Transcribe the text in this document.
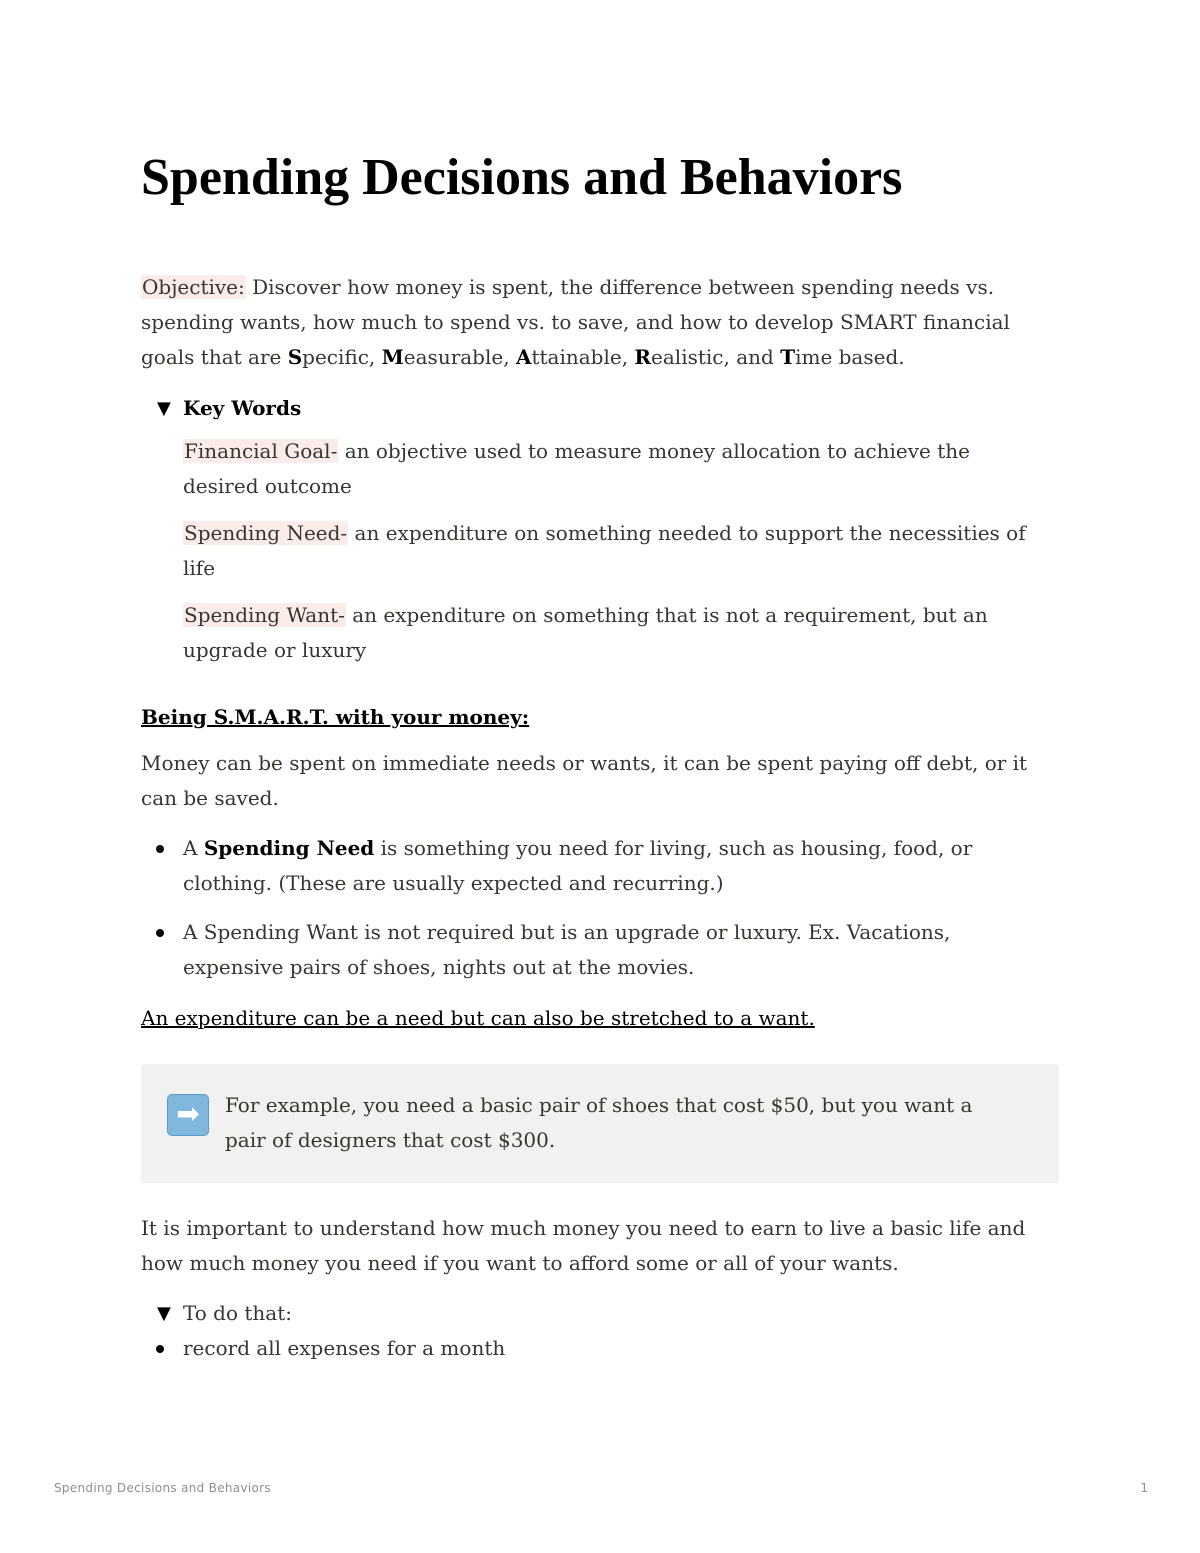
Spending Decisions and Behaviors

Objective: Discover how money is spent, the difference between spending needs vs. spending wants, how much to spend vs. to save, and how to develop SMART financial goals that are Specific, Measurable, Attainable, Realistic, and Time based.

▼ Key Words

Financial Goal- an objective used to measure money allocation to achieve the desired outcome

Spending Need- an expenditure on something needed to support the necessities of life

Spending Want- an expenditure on something that is not a requirement, but an upgrade or luxury

Being S.M.A.R.T. with your money:

Money can be spent on immediate needs or wants, it can be spent paying off debt, or it can be saved.

A Spending Need is something you need for living, such as housing, food, or clothing. (These are usually expected and recurring.)
A Spending Want is not required but is an upgrade or luxury. Ex. Vacations, expensive pairs of shoes, nights out at the movies.
An expenditure can be a need but can also be stretched to a want.
➡	For example, you need a basic pair of shoes that cost $50, but you want a pair of designers that cost $300.

It is important to understand how much money you need to earn to live a basic life and how much money you need if you want to afford some or all of your wants.

▼ To do that:
record all expenses for a month
Spending Decisions and Behaviors	1
